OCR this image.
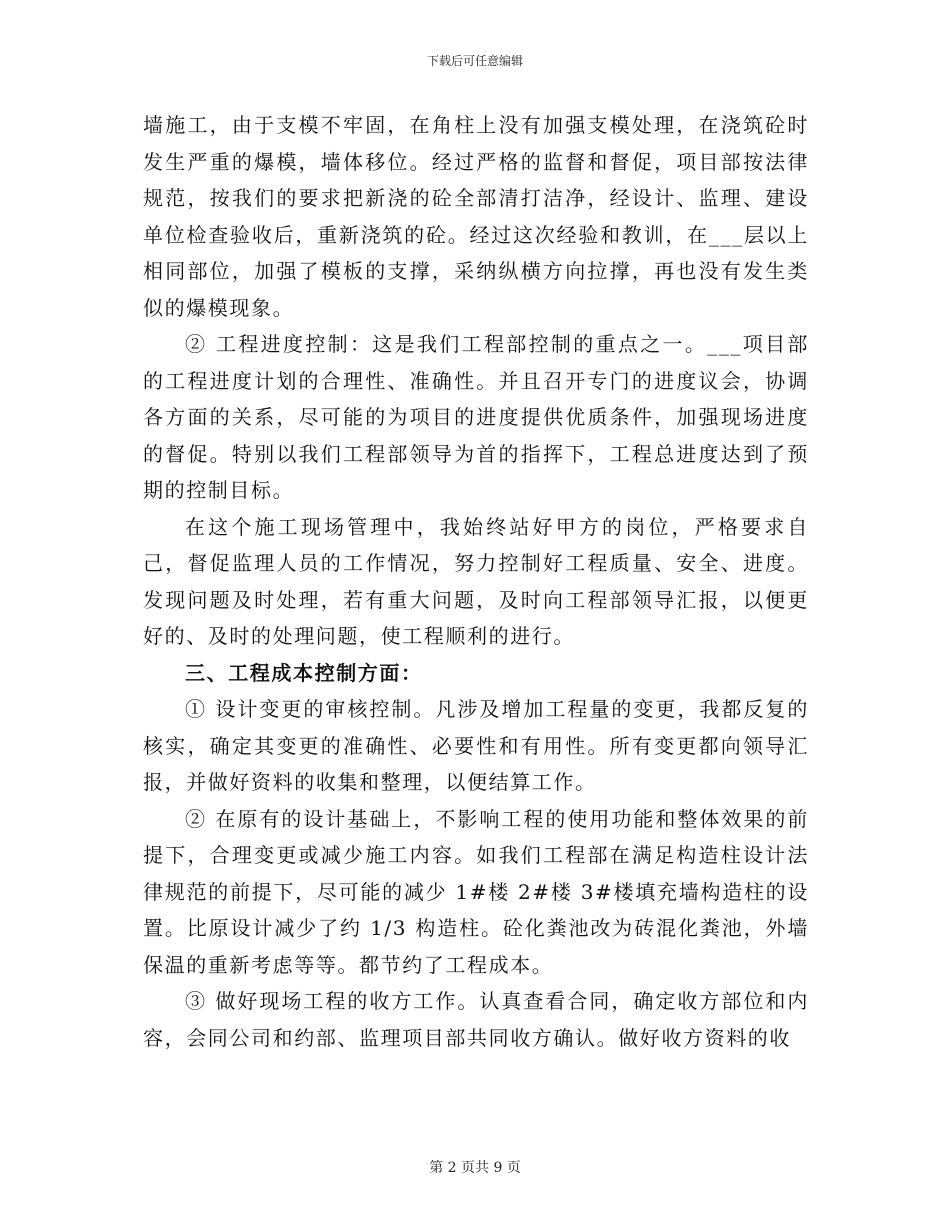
下载后可任意编辑

墙施工，由于支模不牢固，在角柱上没有加强支模处理，在浇筑砼时发生严重的爆模，墙体移位。经过严格的监督和督促，项目部按法律规范，按我们的要求把新浇的砼全部清打洁净，经设计、监理、建设单位检查验收后，重新浇筑的砼。经过这次经验和教训，在___层以上相同部位，加强了模板的支撑，采纳纵横方向拉撑，再也没有发生类似的爆模现象。

② 工程进度控制：这是我们工程部控制的重点之一。___项目部的工程进度计划的合理性、准确性。并且召开专门的进度议会，协调各方面的关系，尽可能的为项目的进度提供优质条件，加强现场进度的督促。特别以我们工程部领导为首的指挥下，工程总进度达到了预期的控制目标。

在这个施工现场管理中，我始终站好甲方的岗位，严格要求自己，督促监理人员的工作情况，努力控制好工程质量、安全、进度。发现问题及时处理，若有重大问题，及时向工程部领导汇报，以便更好的、及时的处理问题，使工程顺利的进行。

三、工程成本控制方面：

① 设计变更的审核控制。凡涉及增加工程量的变更，我都反复的核实，确定其变更的准确性、必要性和有用性。所有变更都向领导汇报，并做好资料的收集和整理，以便结算工作。

② 在原有的设计基础上，不影响工程的使用功能和整体效果的前提下，合理变更或减少施工内容。如我们工程部在满足构造柱设计法律规范的前提下，尽可能的减少 1#楼 2#楼 3#楼填充墙构造柱的设置。比原设计减少了约 1/3 构造柱。砼化粪池改为砖混化粪池，外墙保温的重新考虑等等。都节约了工程成本。

③ 做好现场工程的收方工作。认真查看合同，确定收方部位和内容，会同公司和约部、监理项目部共同收方确认。做好收方资料的收

第 2 页共 9 页
